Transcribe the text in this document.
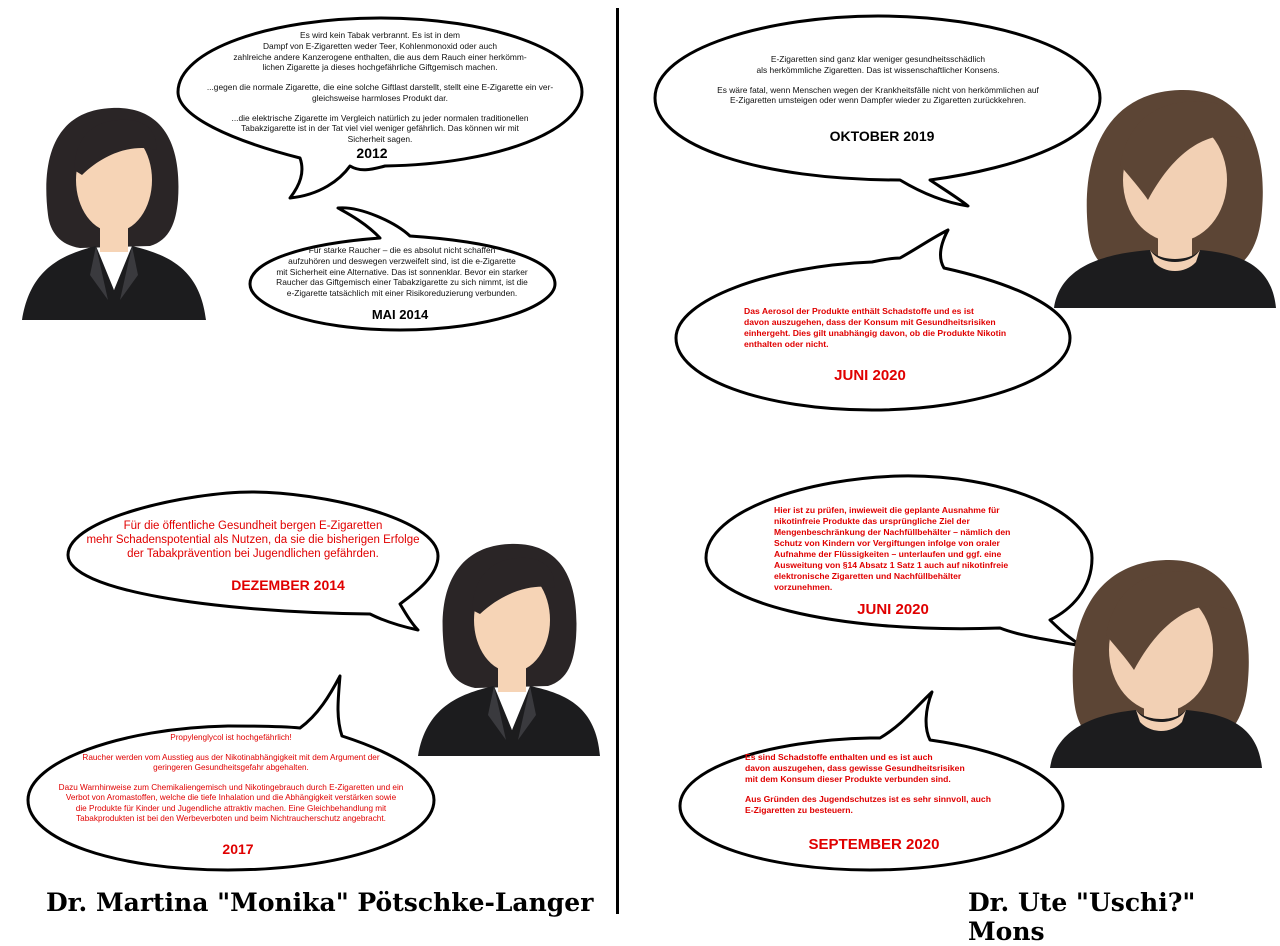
Es wird kein Tabak verbrannt. Es ist in dem
Dampf von E-Zigaretten weder Teer, Kohlenmonoxid oder auch
zahlreiche andere Kanzerogene enthalten, die aus dem Rauch einer herkömm-
lichen Zigarette ja dieses hochgefährliche Giftgemisch machen.
...gegen die normale Zigarette, die eine solche Giftlast darstellt, stellt eine E-Zigarette ein ver-
gleichsweise harmloses Produkt dar.
...die elektrische Zigarette im Vergleich natürlich zu jeder normalen traditionellen
Tabakzigarette ist in der Tat viel viel weniger gefährlich. Das können wir mit
Sicherheit sagen.
2012
Für starke Raucher – die es absolut nicht schaffen
aufzuhören und deswegen verzweifelt sind, ist die e-Zigarette
mit Sicherheit eine Alternative. Das ist sonnenklar. Bevor ein starker
Raucher das Giftgemisch einer Tabakzigarette zu sich nimmt, ist die
e-Zigarette tatsächlich mit einer Risikoreduzierung verbunden.
MAI 2014
Für die öffentliche Gesundheit bergen E-Zigaretten
mehr Schadenspotential als Nutzen, da sie die bisherigen Erfolge
der Tabakprävention bei Jugendlichen gefährden.
DEZEMBER 2014
Propylenglycol ist hochgefährlich!
Raucher werden vom Ausstieg aus der Nikotinabhängigkeit mit dem Argument der
geringeren Gesundheitsgefahr abgehalten.
Dazu Warnhinweise zum Chemikaliengemisch und Nikotingebrauch durch E-Zigaretten und ein
Verbot von Aromastoffen, welche die tiefe Inhalation und die Abhängigkeit verstärken sowie
die Produkte für Kinder und Jugendliche attraktiv machen. Eine Gleichbehandlung mit
Tabakprodukten ist bei den Werbeverboten und beim Nichtraucherschutz angebracht.
2017
E-Zigaretten sind ganz klar weniger gesundheitsschädlich
als herkömmliche Zigaretten. Das ist wissenschaftlicher Konsens.
Es wäre fatal, wenn Menschen wegen der Krankheitsfälle nicht von herkömmlichen auf
E-Zigaretten umsteigen oder wenn Dampfer wieder zu Zigaretten zurückkehren.
OKTOBER 2019
Das Aerosol der Produkte enthält Schadstoffe und es ist
davon auszugehen, dass der Konsum mit Gesundheitsrisiken
einhergeht. Dies gilt unabhängig davon, ob die Produkte Nikotin
enthalten oder nicht.
JUNI 2020
Hier ist zu prüfen, inwieweit die geplante Ausnahme für
nikotinfreie Produkte das ursprüngliche Ziel der
Mengenbeschränkung der Nachfüllbehälter – nämlich den
Schutz von Kindern vor Vergiftungen infolge von oraler
Aufnahme der Flüssigkeiten – unterlaufen und ggf. eine
Ausweitung von §14 Absatz 1 Satz 1 auch auf nikotinfreie
elektronische Zigaretten und Nachfüllbehälter
vorzunehmen.
JUNI 2020
Es sind Schadstoffe enthalten und es ist auch
davon auszugehen, dass gewisse Gesundheitsrisiken
mit dem Konsum dieser Produkte verbunden sind.
Aus Gründen des Jugendschutzes ist es sehr sinnvoll, auch
E-Zigaretten zu besteuern.
SEPTEMBER 2020
Dr. Martina "Monika" Pötschke-Langer	Dr. Ute "Uschi?" Mons
